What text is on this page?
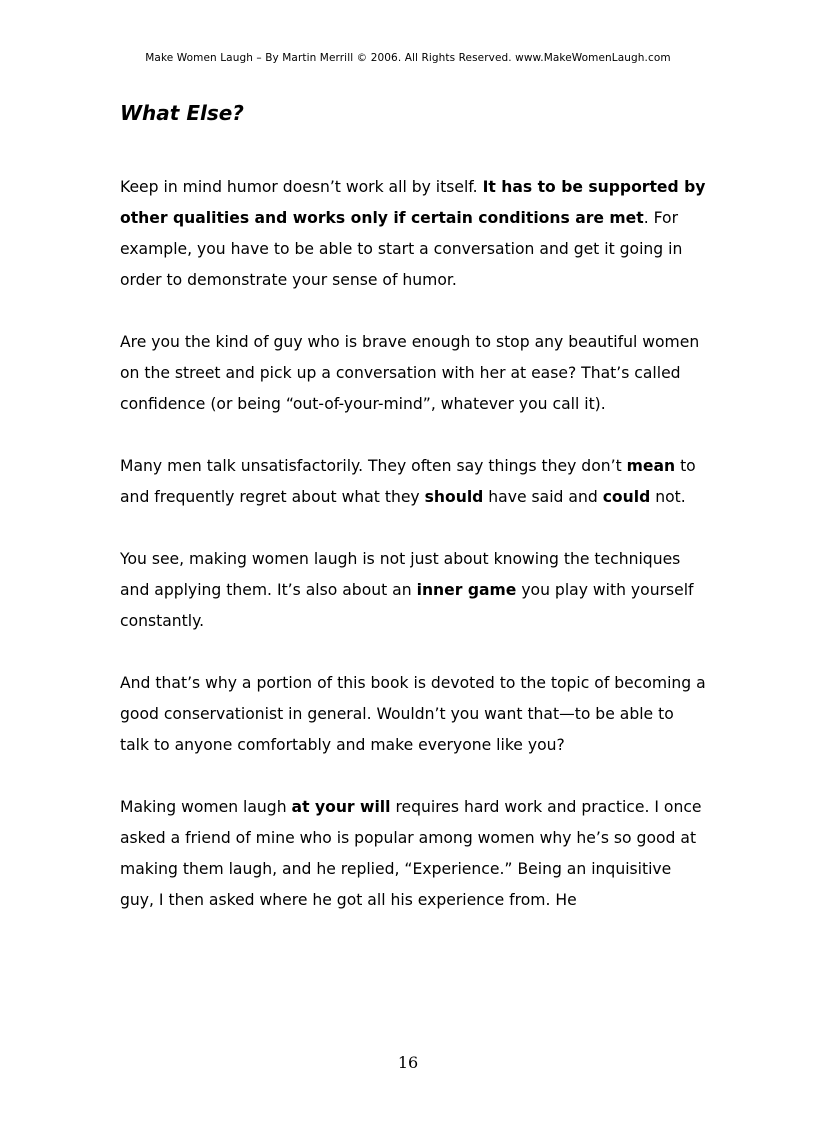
Make Women Laugh – By Martin Merrill © 2006. All Rights Reserved. www.MakeWomenLaugh.com
What Else?

Keep in mind humor doesn’t work all by itself. It has to be supported by other qualities and works only if certain conditions are met. For example, you have to be able to start a conversation and get it going in order to demonstrate your sense of humor.

Are you the kind of guy who is brave enough to stop any beautiful women on the street and pick up a conversation with her at ease? That’s called confidence (or being “out-of-your-mind”, whatever you call it).

Many men talk unsatisfactorily. They often say things they don’t mean to and frequently regret about what they should have said and could not.

You see, making women laugh is not just about knowing the techniques and applying them. It’s also about an inner game you play with yourself constantly.

And that’s why a portion of this book is devoted to the topic of becoming a good conservationist in general. Wouldn’t you want that—to be able to talk to anyone comfortably and make everyone like you?

Making women laugh at your will requires hard work and practice. I once asked a friend of mine who is popular among women why he’s so good at making them laugh, and he replied, “Experience.” Being an inquisitive guy, I then asked where he got all his experience from. He

16
